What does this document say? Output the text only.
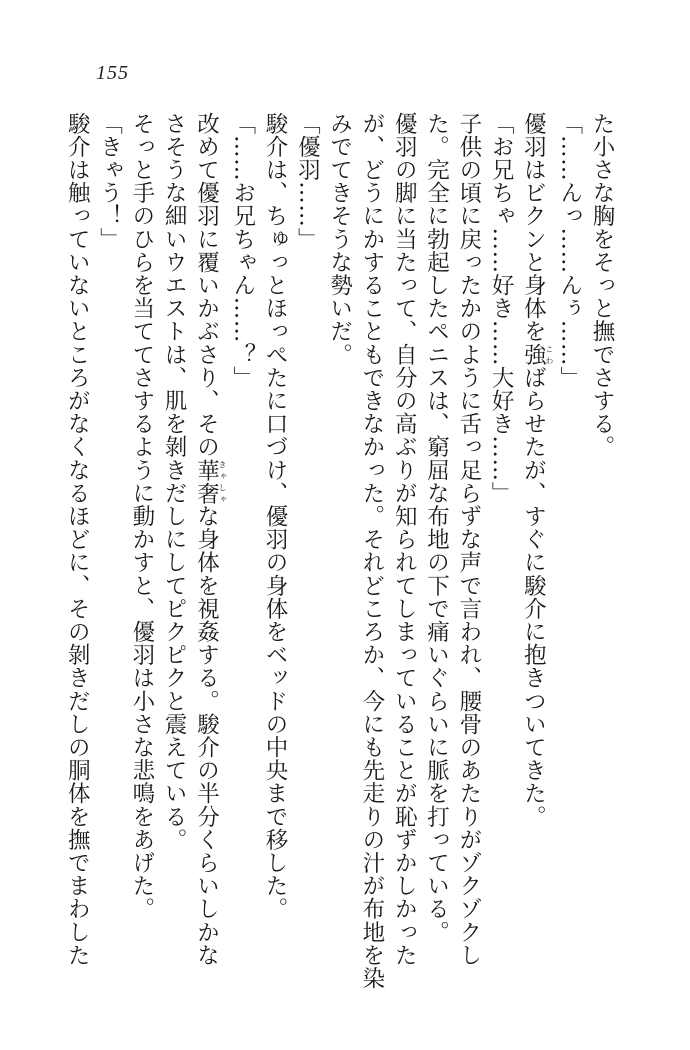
155
た小さな胸をそっと撫でさする。
「……んっ……んぅ……」
優羽はビクンと身体を強こわばらせたが、すぐに駿介に抱きついてきた。
「お兄ちゃ……好き……大好き……」
子供の頃に戻ったかのように舌っ足らずな声で言われ、腰骨のあたりがゾクゾクし
た。完全に勃起したペニスは、窮屈な布地の下で痛いぐらいに脈を打っている。
優羽の脚に当たって、自分の高ぶりが知られてしまっていることが恥ずかしかった
が、どうにかすることもできなかった。それどころか、今にも先走りの汁が布地を染
みでてきそうな勢いだ。
「優羽……」
駿介は、ちゅっとほっぺたに口づけ、優羽の身体をベッドの中央まで移した。
「……お兄ちゃん……？」
改めて優羽に覆いかぶさり、その華奢きゃしゃな身体を視姦する。駿介の半分くらいしかな
さそうな細いウエストは、肌を剝きだしにしてピクピクと震えている。
そっと手のひらを当ててさするように動かすと、優羽は小さな悲鳴をあげた。
「きゃう！」
駿介は触っていないところがなくなるほどに、その剝きだしの胴体を撫でまわした
